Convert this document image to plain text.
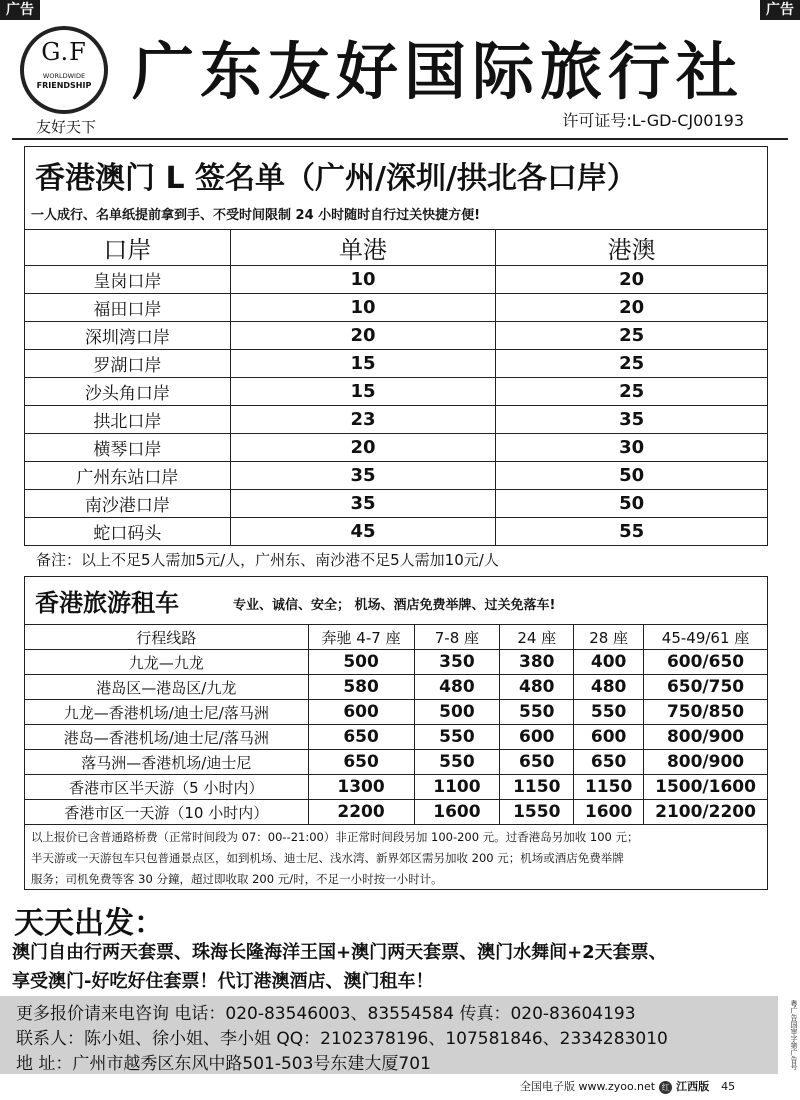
广告	广告
G.F
WORLDWIDE
FRIENDSHIP
友好天下
广东友好国际旅行社
许可证号:L-GD-CJ00193
香港澳门 L 签名单（广州/深圳/拱北各口岸）
一人成行、名单纸提前拿到手、不受时间限制 24 小时随时自行过关快捷方便!
口岸	单港	港澳
皇岗口岸	10	20
福田口岸	10	20
深圳湾口岸	20	25
罗湖口岸	15	25
沙头角口岸	15	25
拱北口岸	23	35
横琴口岸	20	30
广州东站口岸	35	50
南沙港口岸	35	50
蛇口码头	45	55
备注：以上不足5人需加5元/人，广州东、南沙港不足5人需加10元/人
香港旅游租车	专业、诚信、安全； 机场、酒店免费举牌、过关免落车!
行程线路	奔驰 4-7 座	7-8 座	24 座	28 座	45-49/61 座
九龙—九龙	500	350	380	400	600/650
港岛区—港岛区/九龙	580	480	480	480	650/750
九龙—香港机场/迪士尼/落马洲	600	500	550	550	750/850
港岛—香港机场/迪士尼/落马洲	650	550	600	600	800/900
落马洲—香港机场/迪士尼	650	550	650	650	800/900
香港市区半天游（5 小时内）	1300	1100	1150	1150	1500/1600
香港市区一天游（10 小时内）	2200	1600	1550	1600	2100/2200
以上报价已含普通路桥费（正常时间段为 07：00--21:00）非正常时间段另加 100-200 元。过香港岛另加收 100 元；
半天游或一天游包车只包普通景点区，如到机场、迪士尼、浅水湾、新界郊区需另加收 200 元；机场或酒店免费举牌
服务；司机免费等客 30 分鐘，超过即收取 200 元/时，不足一小时按一小时计。
天天出发：
澳门自由行两天套票、珠海长隆海洋王国+澳门两天套票、澳门水舞间+2天套票、
享受澳门-好吃好住套票！代订港澳酒店、澳门租车！
更多报价请来电咨询 电话：020-83546003、83554584 传真：020-83604193
联系人：陈小姐、徐小姐、李小姐 QQ：2102378196、107581846、2334283010
地 址：广州市越秀区东风中路501-503号东建大厦701	粤广告国审字第广告号
全国电子版 www.zyoo.net 红 江西版 45
